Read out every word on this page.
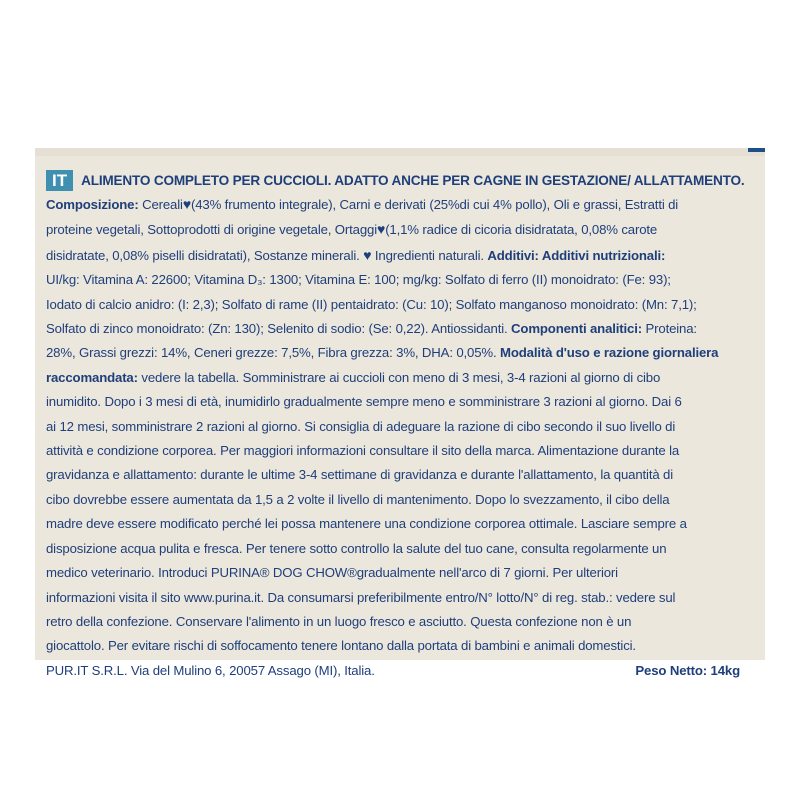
IT	ALIMENTO COMPLETO PER CUCCIOLI. ADATTO ANCHE PER CAGNE IN GESTAZIONE/ ALLATTAMENTO.
Composizione: Cereali♥(43% frumento integrale), Carni e derivati (25%di cui 4% pollo), Oli e grassi, Estratti di
proteine vegetali, Sottoprodotti di origine vegetale, Ortaggi♥(1,1% radice di cicoria disidratata, 0,08% carote
disidratate, 0,08% piselli disidratati), Sostanze minerali. ♥ Ingredienti naturali. Additivi: Additivi nutrizionali:
UI/kg: Vitamina A: 22600; Vitamina D₃: 1300; Vitamina E: 100; mg/kg: Solfato di ferro (II) monoidrato: (Fe: 93);
Iodato di calcio anidro: (I: 2,3); Solfato di rame (II) pentaidrato: (Cu: 10); Solfato manganoso monoidrato: (Mn: 7,1);
Solfato di zinco monoidrato: (Zn: 130); Selenito di sodio: (Se: 0,22). Antiossidanti. Componenti analitici: Proteina:
28%, Grassi grezzi: 14%, Ceneri grezze: 7,5%, Fibra grezza: 3%, DHA: 0,05%. Modalità d'uso e razione giornaliera
raccomandata: vedere la tabella. Somministrare ai cuccioli con meno di 3 mesi, 3-4 razioni al giorno di cibo
inumidito. Dopo i 3 mesi di età, inumidirlo gradualmente sempre meno e somministrare 3 razioni al giorno. Dai 6
ai 12 mesi, somministrare 2 razioni al giorno. Si consiglia di adeguare la razione di cibo secondo il suo livello di
attività e condizione corporea. Per maggiori informazioni consultare il sito della marca. Alimentazione durante la
gravidanza e allattamento: durante le ultime 3-4 settimane di gravidanza e durante l'allattamento, la quantità di
cibo dovrebbe essere aumentata da 1,5 a 2 volte il livello di mantenimento. Dopo lo svezzamento, il cibo della
madre deve essere modificato perché lei possa mantenere una condizione corporea ottimale. Lasciare sempre a
disposizione acqua pulita e fresca. Per tenere sotto controllo la salute del tuo cane, consulta regolarmente un
medico veterinario. Introduci PURINA® DOG CHOW®gradualmente nell'arco di 7 giorni. Per ulteriori
informazioni visita il sito www.purina.it. Da consumarsi preferibilmente entro/N° lotto/N° di reg. stab.: vedere sul
retro della confezione. Conservare l'alimento in un luogo fresco e asciutto. Questa confezione non è un
giocattolo. Per evitare rischi di soffocamento tenere lontano dalla portata di bambini e animali domestici.
PUR.IT S.R.L. Via del Mulino 6, 20057 Assago (MI), Italia.	Peso Netto: 14kg
